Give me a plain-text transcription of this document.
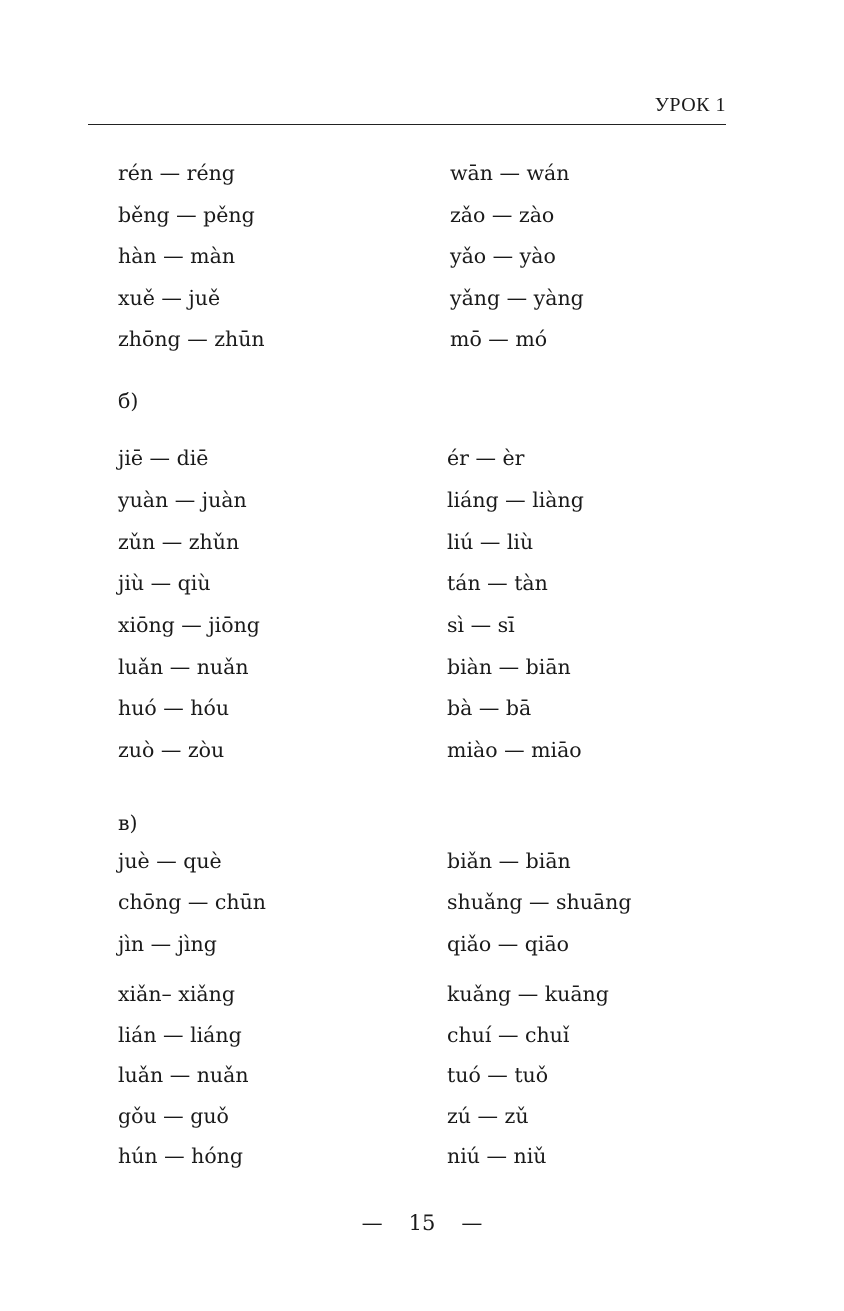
УРОК 1
rén — réng	wān — wán
běng — pěng	zǎo — zào
hàn — màn	yǎo — yào
xuě — juě	yǎng — yàng
zhōng — zhūn	mō — mó
б)
jiē — diē	ér — èr
yuàn — juàn	liáng — liàng
zǔn — zhǔn	liú — liù
jiù — qiù	tán — tàn
xiōng — jiōng	sì — sī
luǎn — nuǎn	biàn — biān
huó — hóu	bà — bā
zuò — zòu	miào — miāo
в)
juè — què	biǎn — biān
chōng — chūn	shuǎng — shuāng
jìn — jìng	qiǎo — qiāo
xiǎn– xiǎng	kuǎng — kuāng
lián — liáng	chuí — chuǐ
luǎn — nuǎn	tuó — tuǒ
gǒu — guǒ	zú — zǔ
hún — hóng	niú — niǔ
— 15 —
